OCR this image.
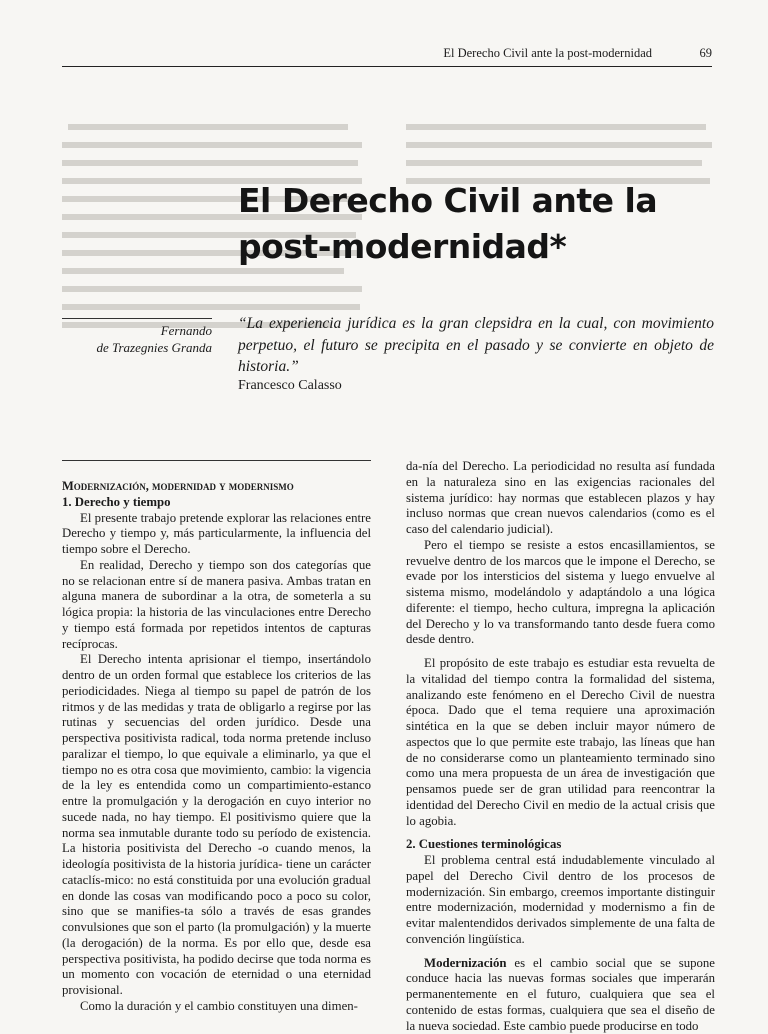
El Derecho Civil ante la post-modernidad	69

El Derecho Civil ante la
post-modernidad*
Fernando
de Trazegnies Granda

“La experiencia jurídica es la gran clepsidra en la cual, con movimiento perpetuo, el futuro se precipita en el pasado y se convierte en objeto de historia.”

Francesco Calasso

Modernización, modernidad y modernismo

1. Derecho y tiempo

El presente trabajo pretende explorar las relaciones entre Derecho y tiempo y, más particularmente, la influencia del tiempo sobre el Derecho.

En realidad, Derecho y tiempo son dos categorías que no se relacionan entre sí de manera pasiva. Ambas tratan en alguna manera de subordinar a la otra, de someterla a su lógica propia: la historia de las vinculaciones entre Derecho y tiempo está formada por repetidos intentos de capturas recíprocas.

El Derecho intenta aprisionar el tiempo, insertándolo dentro de un orden formal que establece los criterios de las periodicidades. Niega al tiempo su papel de patrón de los ritmos y de las medidas y trata de obligarlo a regirse por las rutinas y secuencias del orden jurídico. Desde una perspectiva positivista radical, toda norma pretende incluso paralizar el tiempo, lo que equivale a eliminarlo, ya que el tiempo no es otra cosa que movimiento, cambio: la vigencia de la ley es entendida como un compartimiento-estanco entre la promulgación y la derogación en cuyo interior no sucede nada, no hay tiempo. El positivismo quiere que la norma sea inmutable durante todo su período de existencia. La historia positivista del Derecho -o cuando menos, la ideología positivista de la historia jurídica- tiene un carácter cataclís-mico: no está constituida por una evolución gradual en donde las cosas van modificando poco a poco su color, sino que se manifies-ta sólo a través de esas grandes convulsiones que son el parto (la promulgación) y la muerte (la derogación) de la norma. Es por ello que, desde esa perspectiva positivista, ha podido decirse que toda norma es un momento con vocación de eternidad o una eternidad provisional.

Como la duración y el cambio constituyen una dimen-

da-nía del Derecho. La periodicidad no resulta así fundada en la naturaleza sino en las exigencias racionales del sistema jurídico: hay normas que establecen plazos y hay incluso normas que crean nuevos calendarios (como es el caso del calendario judicial).

Pero el tiempo se resiste a estos encasillamientos, se revuelve dentro de los marcos que le impone el Derecho, se evade por los intersticios del sistema y luego envuelve al sistema mismo, modelándolo y adaptándolo a una lógica diferente: el tiempo, hecho cultura, impregna la aplicación del Derecho y lo va transformando tanto desde fuera como desde dentro.

El propósito de este trabajo es estudiar esta revuelta de la vitalidad del tiempo contra la formalidad del sistema, analizando este fenómeno en el Derecho Civil de nuestra época. Dado que el tema requiere una aproximación sintética en la que se deben incluir mayor número de aspectos que lo que permite este trabajo, las líneas que han de no considerarse como un planteamiento terminado sino como una mera propuesta de un área de investigación que pensamos puede ser de gran utilidad para reencontrar la identidad del Derecho Civil en medio de la actual crisis que lo agobia.

2. Cuestiones terminológicas

El problema central está indudablemente vinculado al papel del Derecho Civil dentro de los procesos de modernización. Sin embargo, creemos importante distinguir entre modernización, modernidad y modernismo a fin de evitar malentendidos derivados simplemente de una falta de convención lingüística.

Modernización es el cambio social que se supone conduce hacia las nuevas formas sociales que imperarán permanentemente en el futuro, cualquiera que sea el contenido de estas formas, cualquiera que sea el diseño de la nueva sociedad. Este cambio puede producirse en todo
